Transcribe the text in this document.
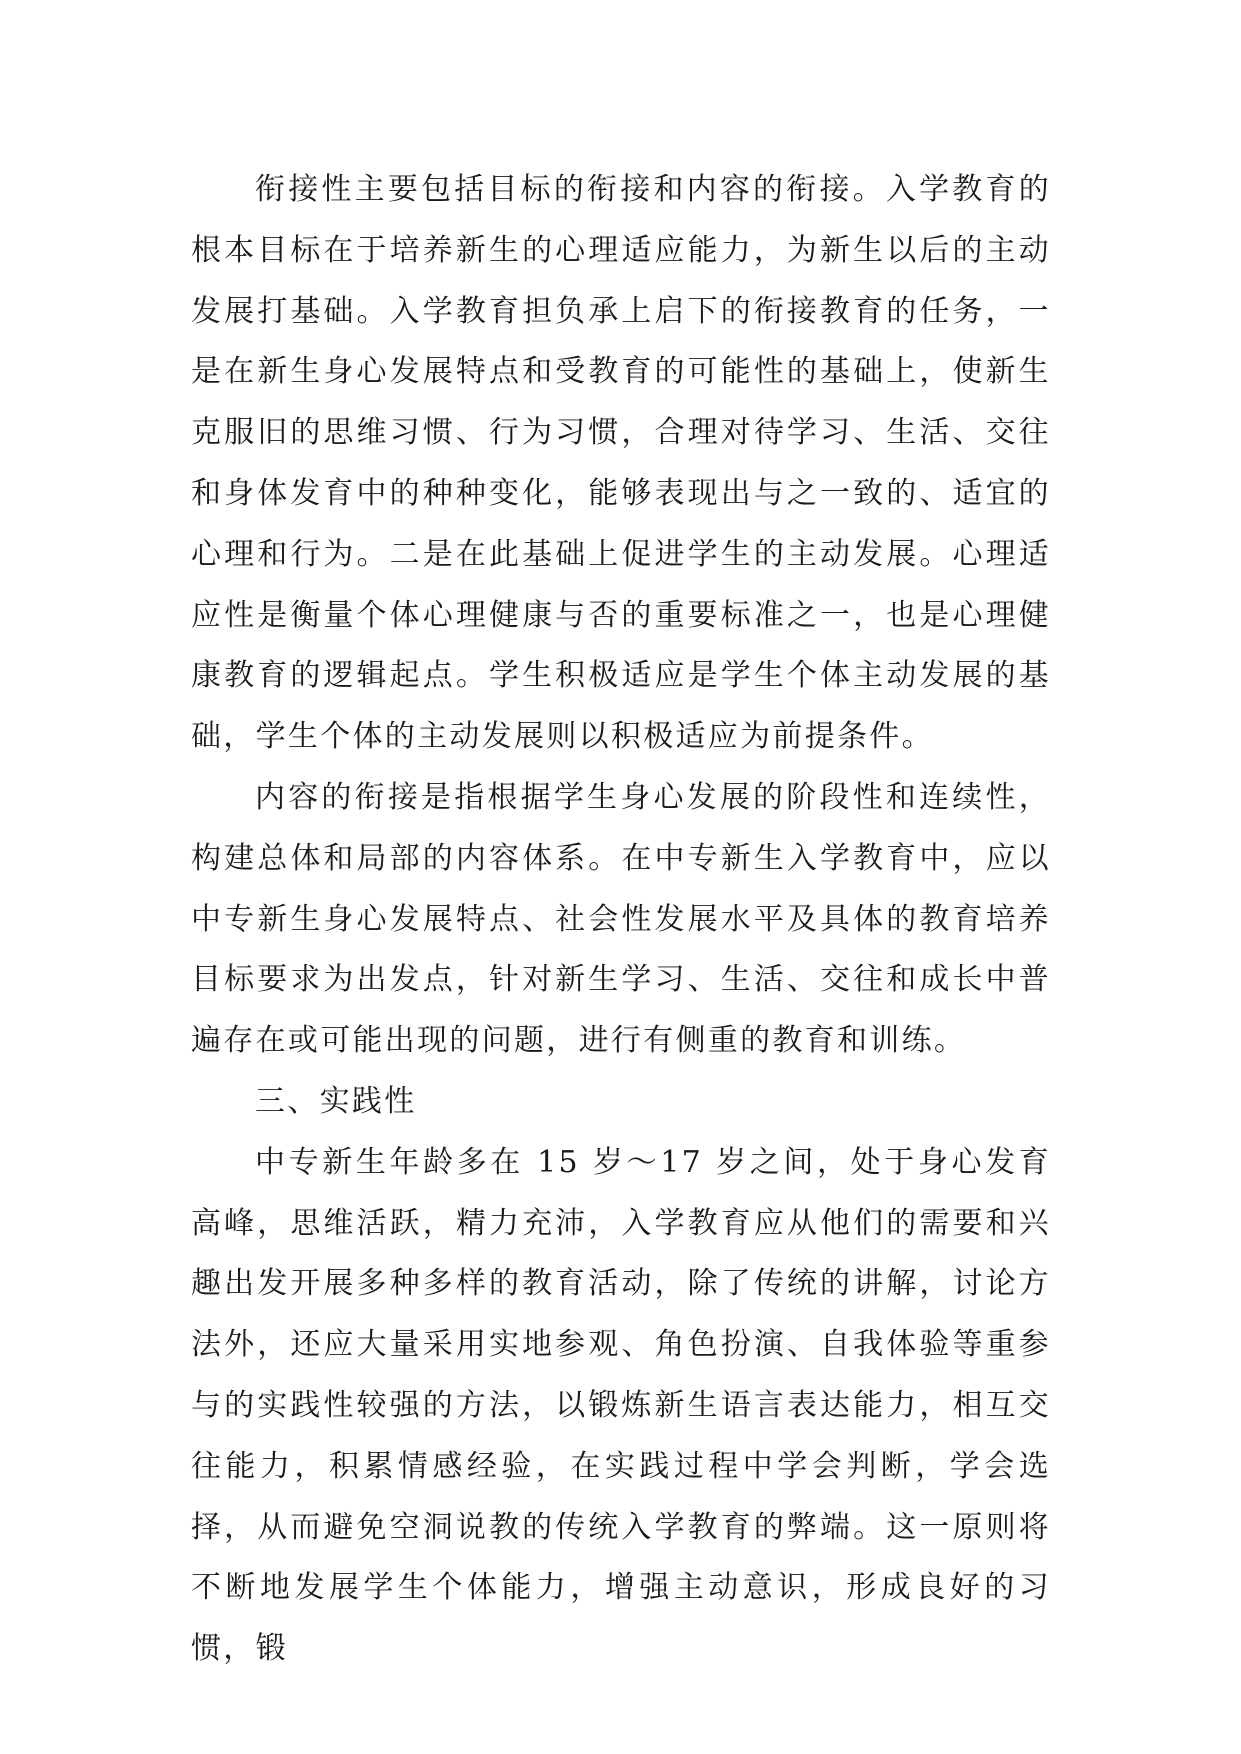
衔接性主要包括目标的衔接和内容的衔接。入学教育的根本目标在于培养新生的心理适应能力，为新生以后的主动发展打基础。入学教育担负承上启下的衔接教育的任务，一是在新生身心发展特点和受教育的可能性的基础上，使新生克服旧的思维习惯、行为习惯，合理对待学习、生活、交往和身体发育中的种种变化，能够表现出与之一致的、适宜的心理和行为。二是在此基础上促进学生的主动发展。心理适应性是衡量个体心理健康与否的重要标准之一，也是心理健康教育的逻辑起点。学生积极适应是学生个体主动发展的基础，学生个体的主动发展则以积极适应为前提条件。

内容的衔接是指根据学生身心发展的阶段性和连续性，构建总体和局部的内容体系。在中专新生入学教育中，应以中专新生身心发展特点、社会性发展水平及具体的教育培养目标要求为出发点，针对新生学习、生活、交往和成长中普遍存在或可能出现的问题，进行有侧重的教育和训练。

三、实践性

中专新生年龄多在 15 岁～17 岁之间，处于身心发育高峰，思维活跃，精力充沛，入学教育应从他们的需要和兴趣出发开展多种多样的教育活动，除了传统的讲解，讨论方法外，还应大量采用实地参观、角色扮演、自我体验等重参与的实践性较强的方法，以锻炼新生语言表达能力，相互交往能力，积累情感经验，在实践过程中学会判断，学会选择，从而避免空洞说教的传统入学教育的弊端。这一原则将不断地发展学生个体能力，增强主动意识，形成良好的习惯，锻
